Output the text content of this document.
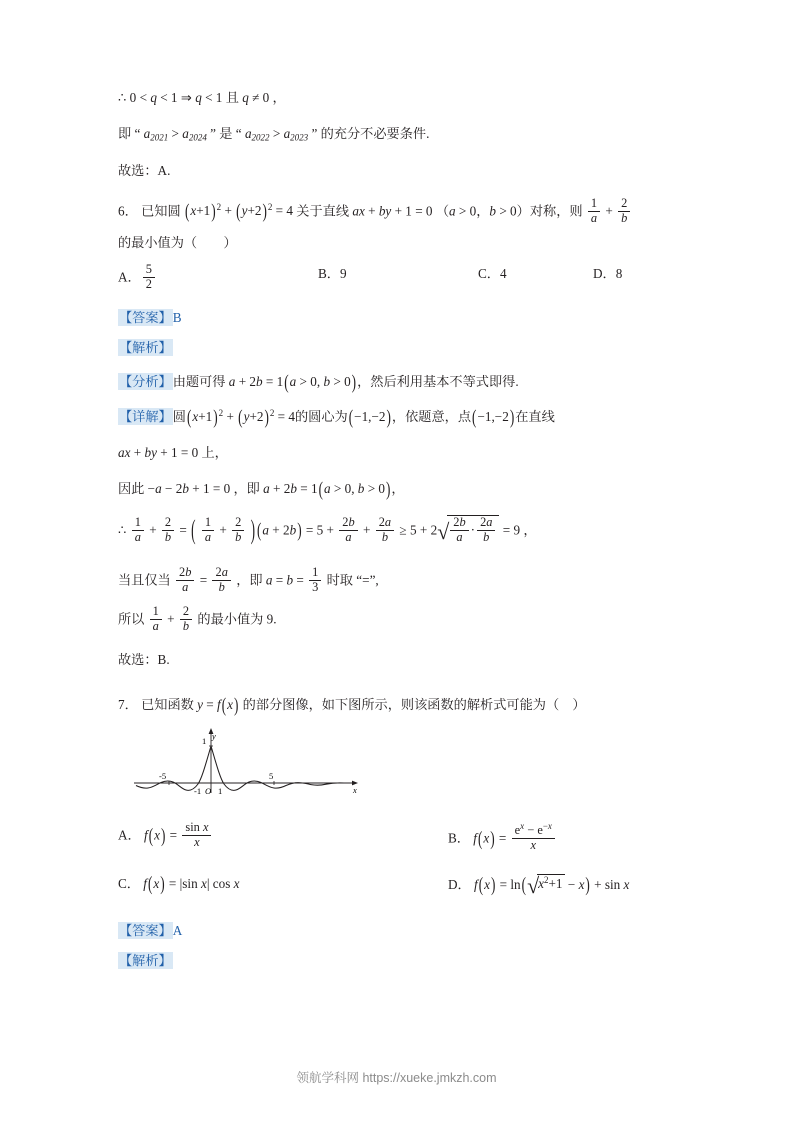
∴ 0 < q < 1 ⇒ q < 1 且 q ≠ 0 ，
即 “ $a_{2021} > a_{2024}$ ” 是 “ $a_{2022} > a_{2023}$ ” 的充分不必要条件.
故选：A.
6． 已知圆 $(x+1)^2 + (y+2)^2 = 4$ 关于直线 ax + by + 1 = 0 （a > 0，b > 0）对称，则 $\frac{1}{a} + \frac{2}{b}$
的最小值为（　　）
A． $\frac{5}{2}$	B．9	C．4	D．8
【答案】B
【解析】
【分析】由题可得 a + 2b = 1(a > 0, b > 0)，然后利用基本不等式即得.
【详解】圆$(x+1)^2 + (y+2)^2 = 4$的圆心为(−1,−2)，依题意，点(−1,−2)在直线
ax + by + 1 = 0 上，
因此 −a − 2b + 1 = 0 ，即 a + 2b = 1(a > 0, b > 0)，
∴ $\frac{1}{a} + \frac{2}{b}$ = ( $\frac{1}{a} + \frac{2}{b}$ ) $(a + 2b) = 5 + \frac{2b}{a} + \frac{2a}{b} \ge 5 + 2√ \frac{2b}{a} \cdot \frac{2a}{b} = 9$ ，
当且仅当 $\frac{2b}{a} = \frac{2a}{b}$ ，即 $a = b = \frac{1}{3}$ 时取 “=”,
所以 $\frac{1}{a} + \frac{2}{b}$ 的最小值为 9.
故选：B.
7． 已知函数 y = f(x) 的部分图像，如下图所示，则该函数的解析式可能为（　 ）
-5	5
1 y
x
-1 O 1
A． $f(x) = \frac{\text{sin x}}{x}$	B． $f(x) = \frac{e^x - e^{-x}}{x}$
C． f(x) = |sin x| cos x	D． $f(x) = \ln(√x^2+1 - x) + \sin x$
【答案】A
【解析】
领航学科网 https://xueke.jmkzh.com
